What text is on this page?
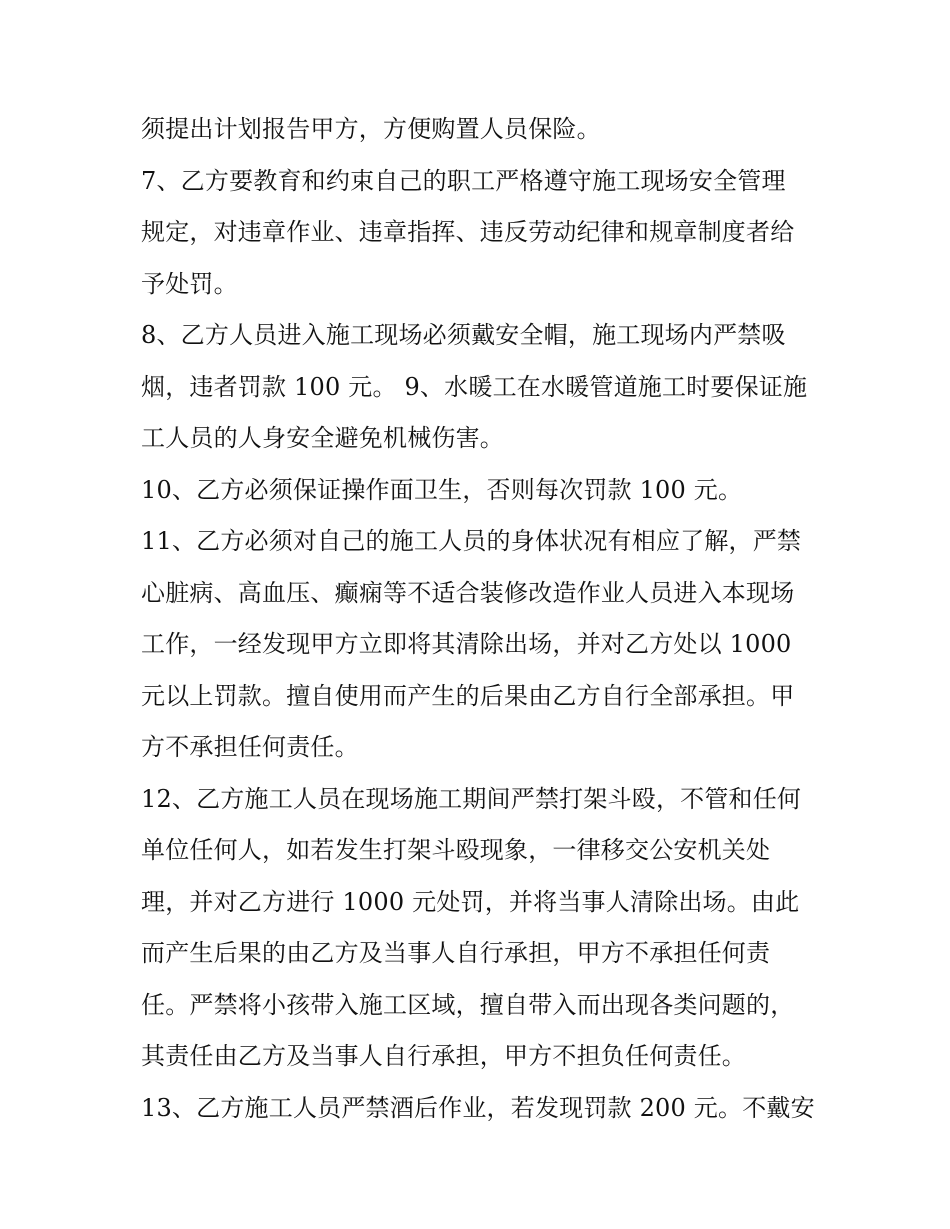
须提出计划报告甲方，方便购置人员保险。
7、乙方要教育和约束自己的职工严格遵守施工现场安全管理
规定，对违章作业、违章指挥、违反劳动纪律和规章制度者给
予处罚。
8、乙方人员进入施工现场必须戴安全帽，施工现场内严禁吸
烟，违者罚款 100 元。 9、水暖工在水暖管道施工时要保证施
工人员的人身安全避免机械伤害。
10、乙方必须保证操作面卫生，否则每次罚款 100 元。
11、乙方必须对自己的施工人员的身体状况有相应了解，严禁
心脏病、高血压、癫痫等不适合装修改造作业人员进入本现场
工作，一经发现甲方立即将其清除出场，并对乙方处以 1000
元以上罚款。擅自使用而产生的后果由乙方自行全部承担。甲
方不承担任何责任。
12、乙方施工人员在现场施工期间严禁打架斗殴，不管和任何
单位任何人，如若发生打架斗殴现象，一律移交公安机关处
理，并对乙方进行 1000 元处罚，并将当事人清除出场。由此
而产生后果的由乙方及当事人自行承担，甲方不承担任何责
任。严禁将小孩带入施工区域，擅自带入而出现各类问题的，
其责任由乙方及当事人自行承担，甲方不担负任何责任。
13、乙方施工人员严禁酒后作业，若发现罚款 200 元。不戴安
